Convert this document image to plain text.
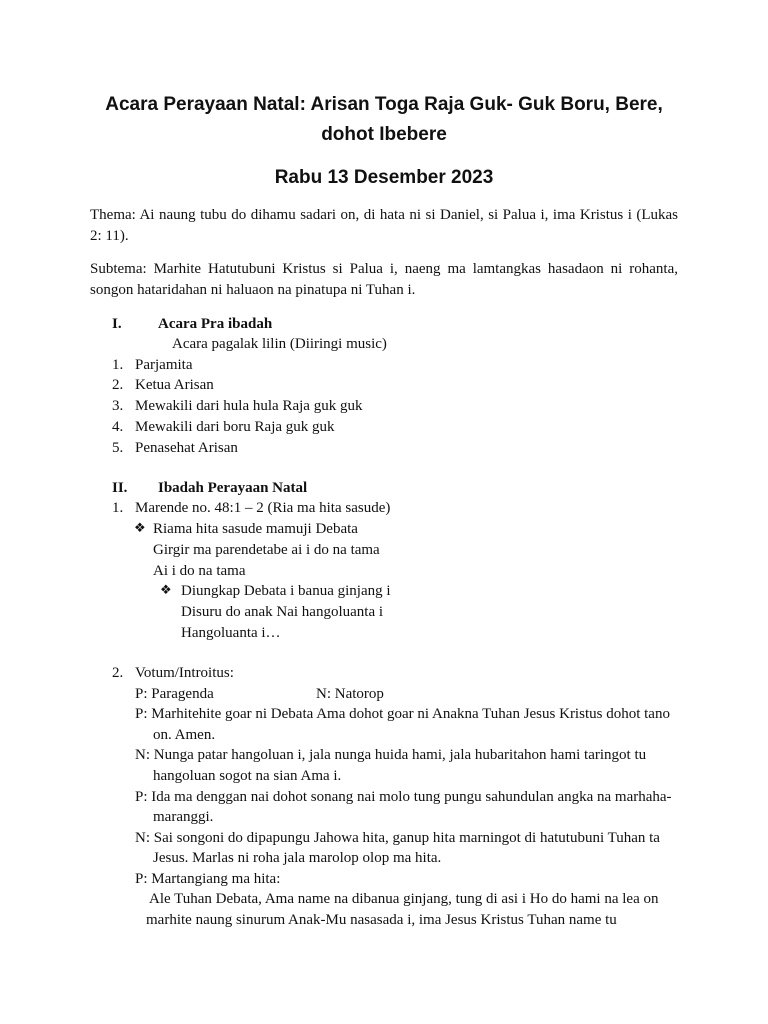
Acara Perayaan Natal: Arisan Toga Raja Guk- Guk Boru, Bere,
dohot Ibebere
Rabu 13 Desember 2023
Thema: Ai naung tubu do dihamu sadari on, di hata ni si Daniel, si Palua i, ima Kristus i (Lukas 2: 11).
Subtema: Marhite Hatutubuni Kristus si Palua i, naeng ma lamtangkas hasadaon ni rohanta, songon hataridahan ni haluaon na pinatupa ni Tuhan i.
I. Acara Pra ibadah
Acara pagalak lilin (Diiringi music)
1. Parjamita
2. Ketua Arisan
3. Mewakili dari hula hula Raja guk guk
4. Mewakili dari boru Raja guk guk
5. Penasehat Arisan
II. Ibadah Perayaan Natal
1. Marende no. 48:1 – 2 (Ria ma hita sasude)
❖ Riama hita sasude mamuji Debata
Girgir ma parendetabe ai i do na tama
Ai i do na tama
❖ Diungkap Debata i banua ginjang i
Disuru do anak Nai hangoluanta i
Hangoluanta i…
2. Votum/Introitus:
P: Paragenda	N: Natorop
P: Marhitehite goar ni Debata Ama dohot goar ni Anakna Tuhan Jesus Kristus dohot tano
on. Amen.
N: Nunga patar hangoluan i, jala nunga huida hami, jala hubaritahon hami taringot tu
hangoluan sogot na sian Ama i.
P: Ida ma denggan nai dohot sonang nai molo tung pungu sahundulan angka na marhaha-
maranggi.
N: Sai songoni do dipapungu Jahowa hita, ganup hita marningot di hatutubuni Tuhan ta
Jesus. Marlas ni roha jala marolop olop ma hita.
P: Martangiang ma hita:
Ale Tuhan Debata, Ama name na dibanua ginjang, tung di asi i Ho do hami na lea on
marhite naung sinurum Anak-Mu nasasada i, ima Jesus Kristus Tuhan name tu
